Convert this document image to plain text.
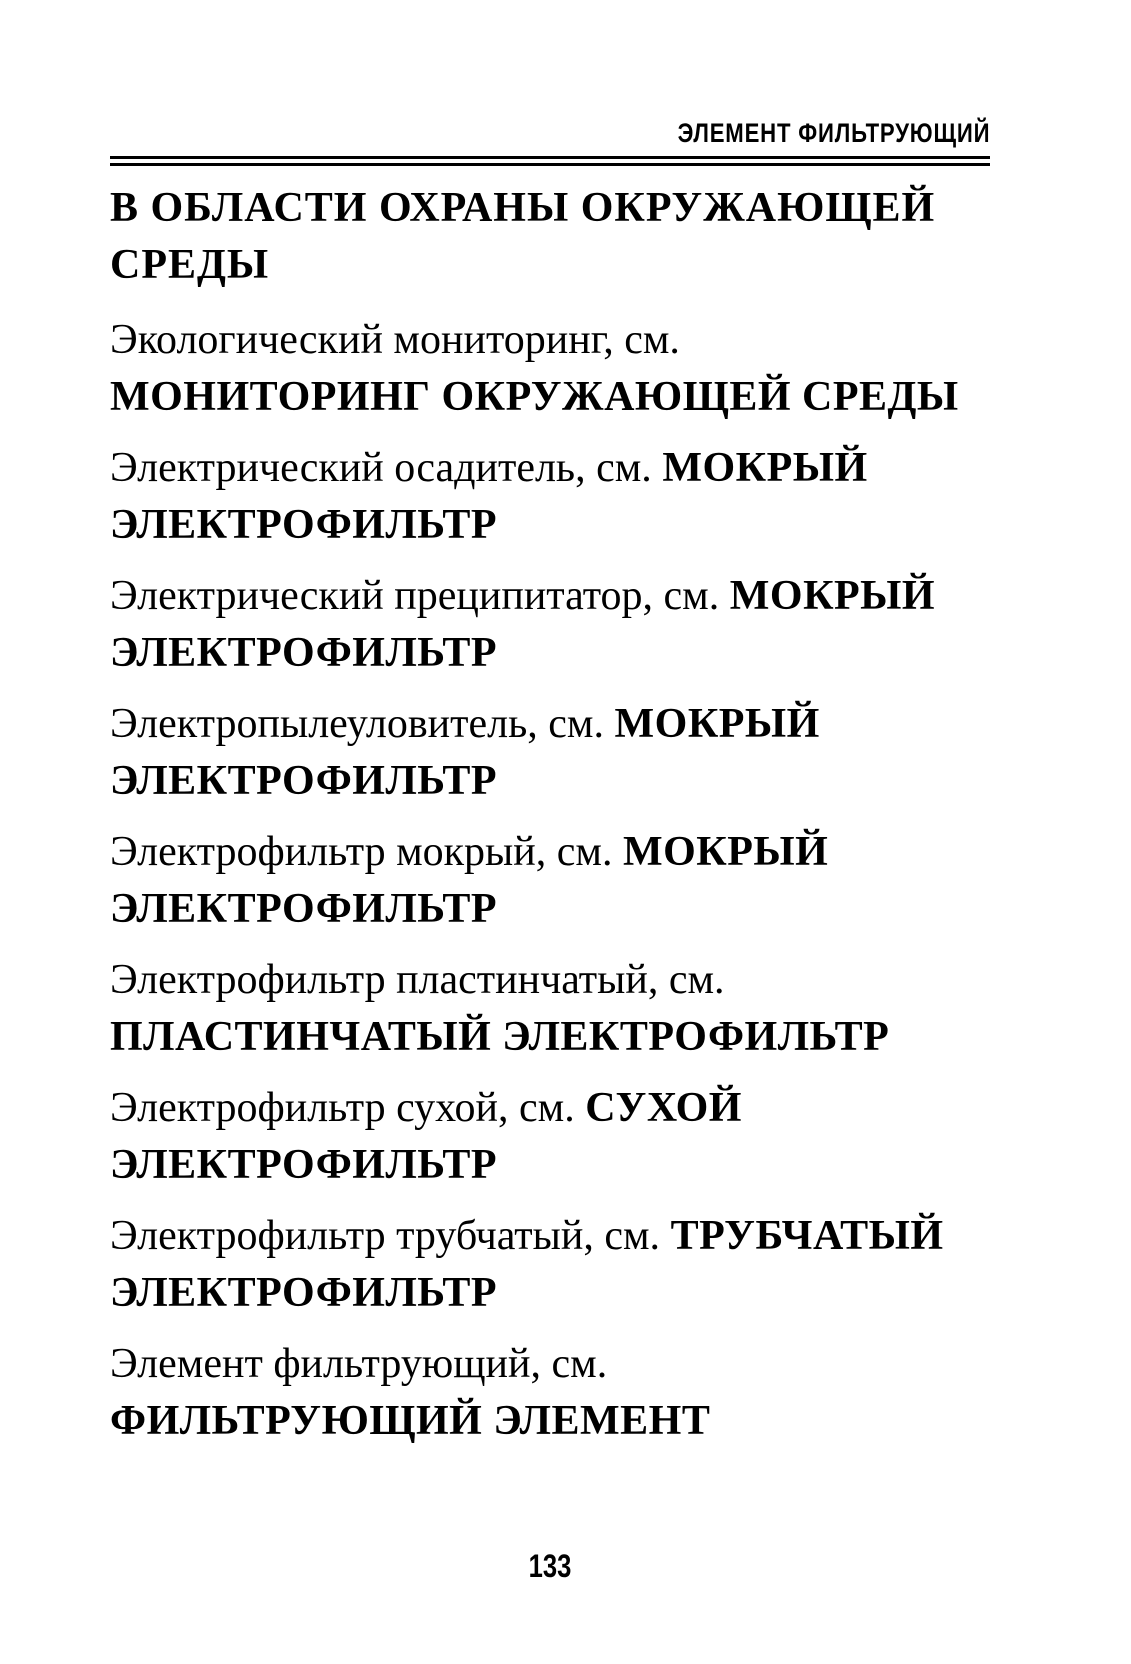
ЭЛЕМЕНТ ФИЛЬТРУЮЩИЙ

В ОБЛАСТИ ОХРАНЫ ОКРУЖАЮЩЕЙ СРЕДЫ

Экологический мониторинг, см. МОНИТОРИНГ ОКРУЖАЮЩЕЙ СРЕДЫ

Электрический осадитель, см. МОКРЫЙ ЭЛЕКТРОФИЛЬТР

Электрический преципитатор, см. МОКРЫЙ ЭЛЕКТРОФИЛЬТР

Электропылеуловитель, см. МОКРЫЙ ЭЛЕКТРОФИЛЬТР

Электрофильтр мокрый, см. МОКРЫЙ ЭЛЕКТРОФИЛЬТР

Электрофильтр пластинчатый, см. ПЛАСТИНЧАТЫЙ ЭЛЕКТРОФИЛЬТР

Электрофильтр сухой, см. СУХОЙ ЭЛЕКТРОФИЛЬТР

Электрофильтр трубчатый, см. ТРУБЧАТЫЙ ЭЛЕКТРОФИЛЬТР

Элемент фильтрующий, см. ФИЛЬТРУЮЩИЙ ЭЛЕМЕНТ

133
